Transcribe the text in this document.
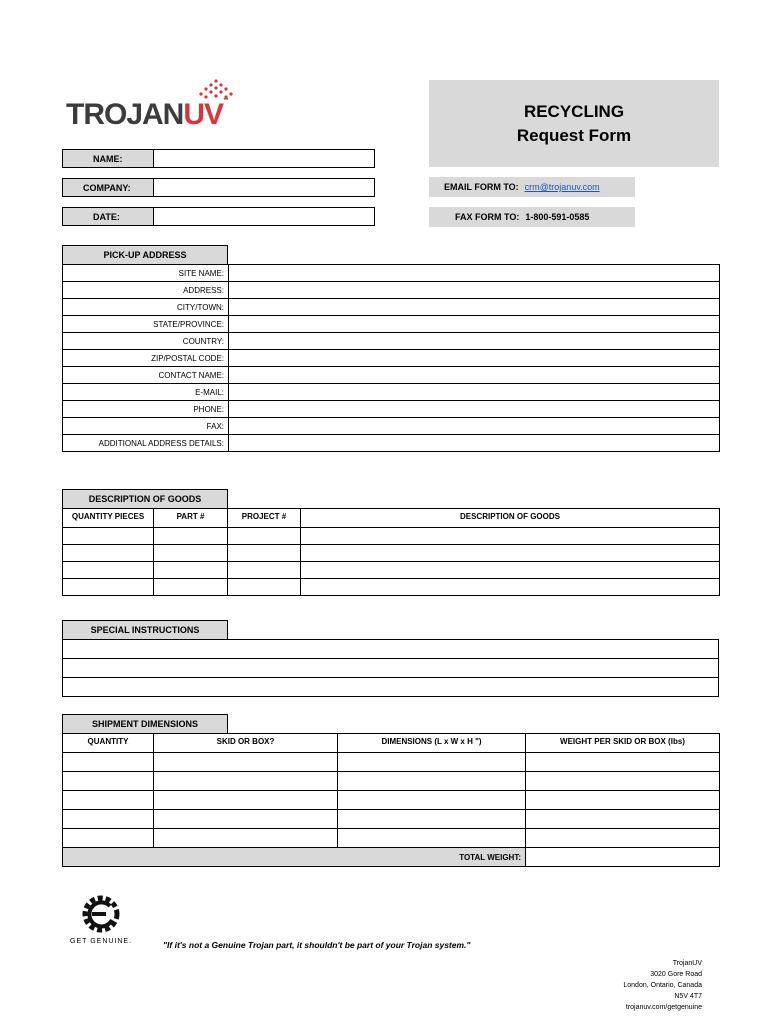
TROJANUV™
RECYCLING
Request Form
NAME:
COMPANY:
DATE:
EMAIL FORM TO: crm@trojanuv.com
FAX FORM TO: 1-800-591-0585
PICK-UP ADDRESS
SITE NAME:	
ADDRESS:	
CITY/TOWN:	
STATE/PROVINCE:	
COUNTRY:	
ZIP/POSTAL CODE:	
CONTACT NAME:	
E-MAIL:	
PHONE:	
FAX:	
ADDITIONAL ADDRESS DETAILS:	
DESCRIPTION OF GOODS
QUANTITY PIECES	PART #	PROJECT #	DESCRIPTION OF GOODS

SPECIAL INSTRUCTIONS

SHIPMENT DIMENSIONS
QUANTITY	SKID OR BOX?	DIMENSIONS (L x W x H ")	WEIGHT PER SKID OR BOX (lbs)

TOTAL WEIGHT:			
GET GENUINE.	"If it's not a Genuine Trojan part, it shouldn't be part of your Trojan system."
TrojanUV
3020 Gore Road
London, Ontario, Canada
N5V 4T7
trojanuv.com/getgenuine
